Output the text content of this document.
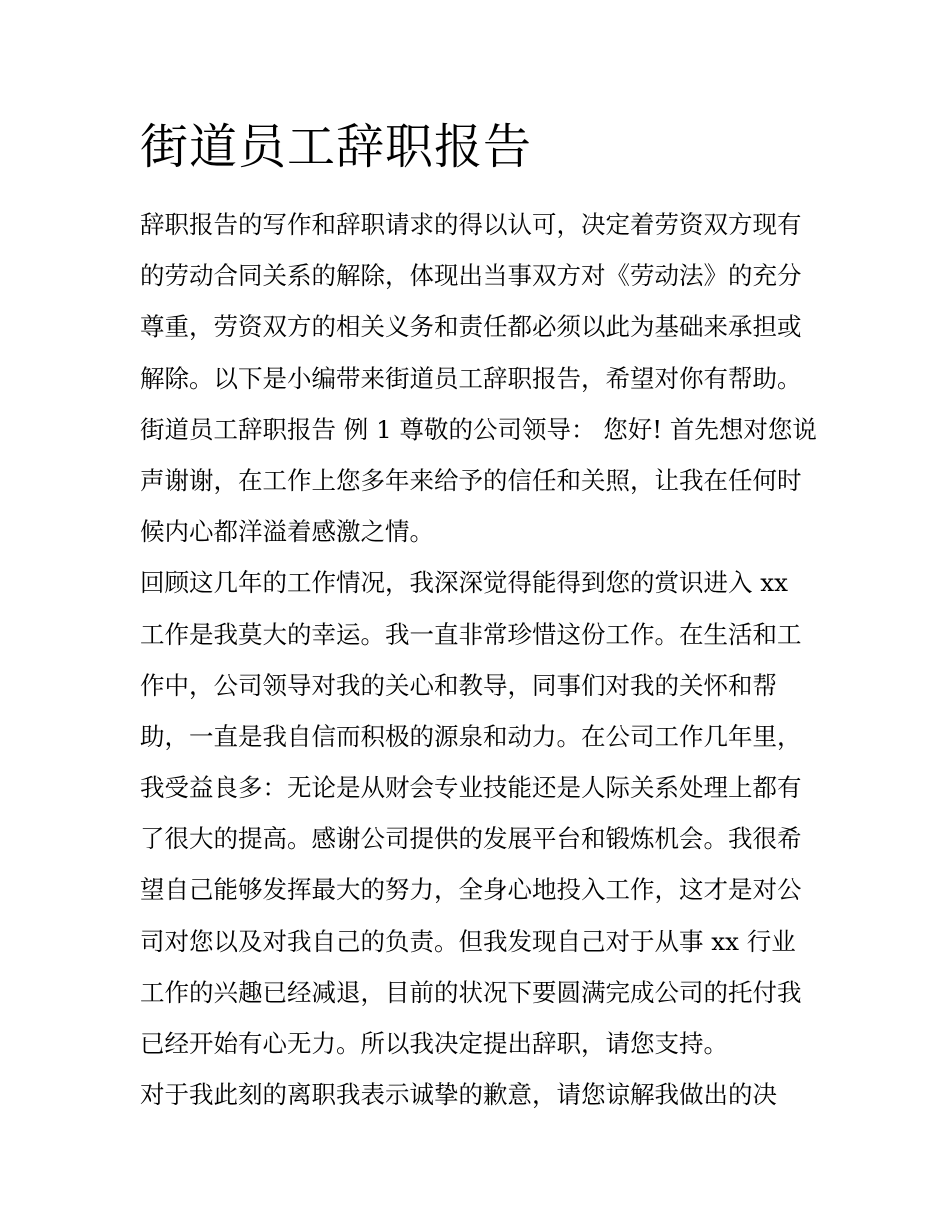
街道员工辞职报告
辞职报告的写作和辞职请求的得以认可，决定着劳资双方现有
的劳动合同关系的解除，体现出当事双方对《劳动法》的充分
尊重，劳资双方的相关义务和责任都必须以此为基础来承担或
解除。以下是小编带来街道员工辞职报告，希望对你有帮助。
街道员工辞职报告 例 1 尊敬的公司领导： 您好! 首先想对您说
声谢谢，在工作上您多年来给予的信任和关照，让我在任何时
候内心都洋溢着感激之情。
回顾这几年的工作情况，我深深觉得能得到您的赏识进入 xx
工作是我莫大的幸运。我一直非常珍惜这份工作。在生活和工
作中，公司领导对我的关心和教导，同事们对我的关怀和帮
助，一直是我自信而积极的源泉和动力。在公司工作几年里，
我受益良多：无论是从财会专业技能还是人际关系处理上都有
了很大的提高。感谢公司提供的发展平台和锻炼机会。我很希
望自己能够发挥最大的努力，全身心地投入工作，这才是对公
司对您以及对我自己的负责。但我发现自己对于从事 xx 行业
工作的兴趣已经减退，目前的状况下要圆满完成公司的托付我
已经开始有心无力。所以我决定提出辞职，请您支持。
对于我此刻的离职我表示诚挚的歉意，请您谅解我做出的决
